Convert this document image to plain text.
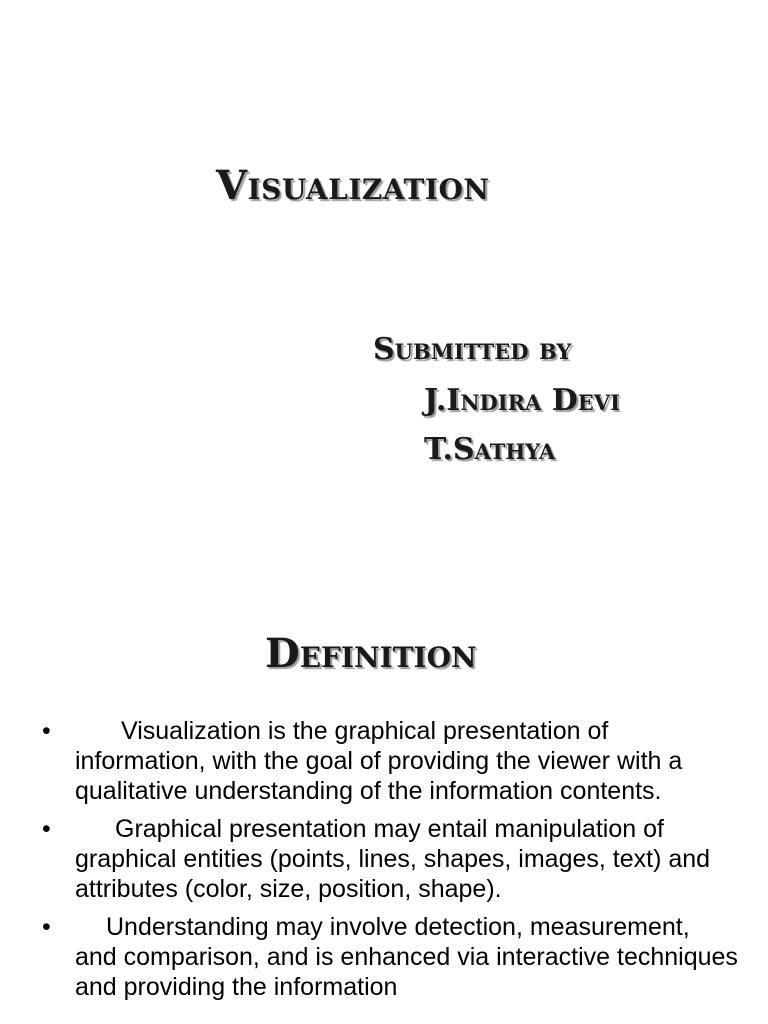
Visualization
Submitted by
J.Indira Devi
T.Sathya
Definition
•	Visualization is the graphical presentation of information, with the goal of providing the viewer with a qualitative understanding of the information contents.
•	Graphical presentation may entail manipulation of graphical entities (points, lines, shapes, images, text) and attributes (color, size, position, shape).
•	Understanding may involve detection, measurement, and comparison, and is enhanced via interactive techniques and providing the information
